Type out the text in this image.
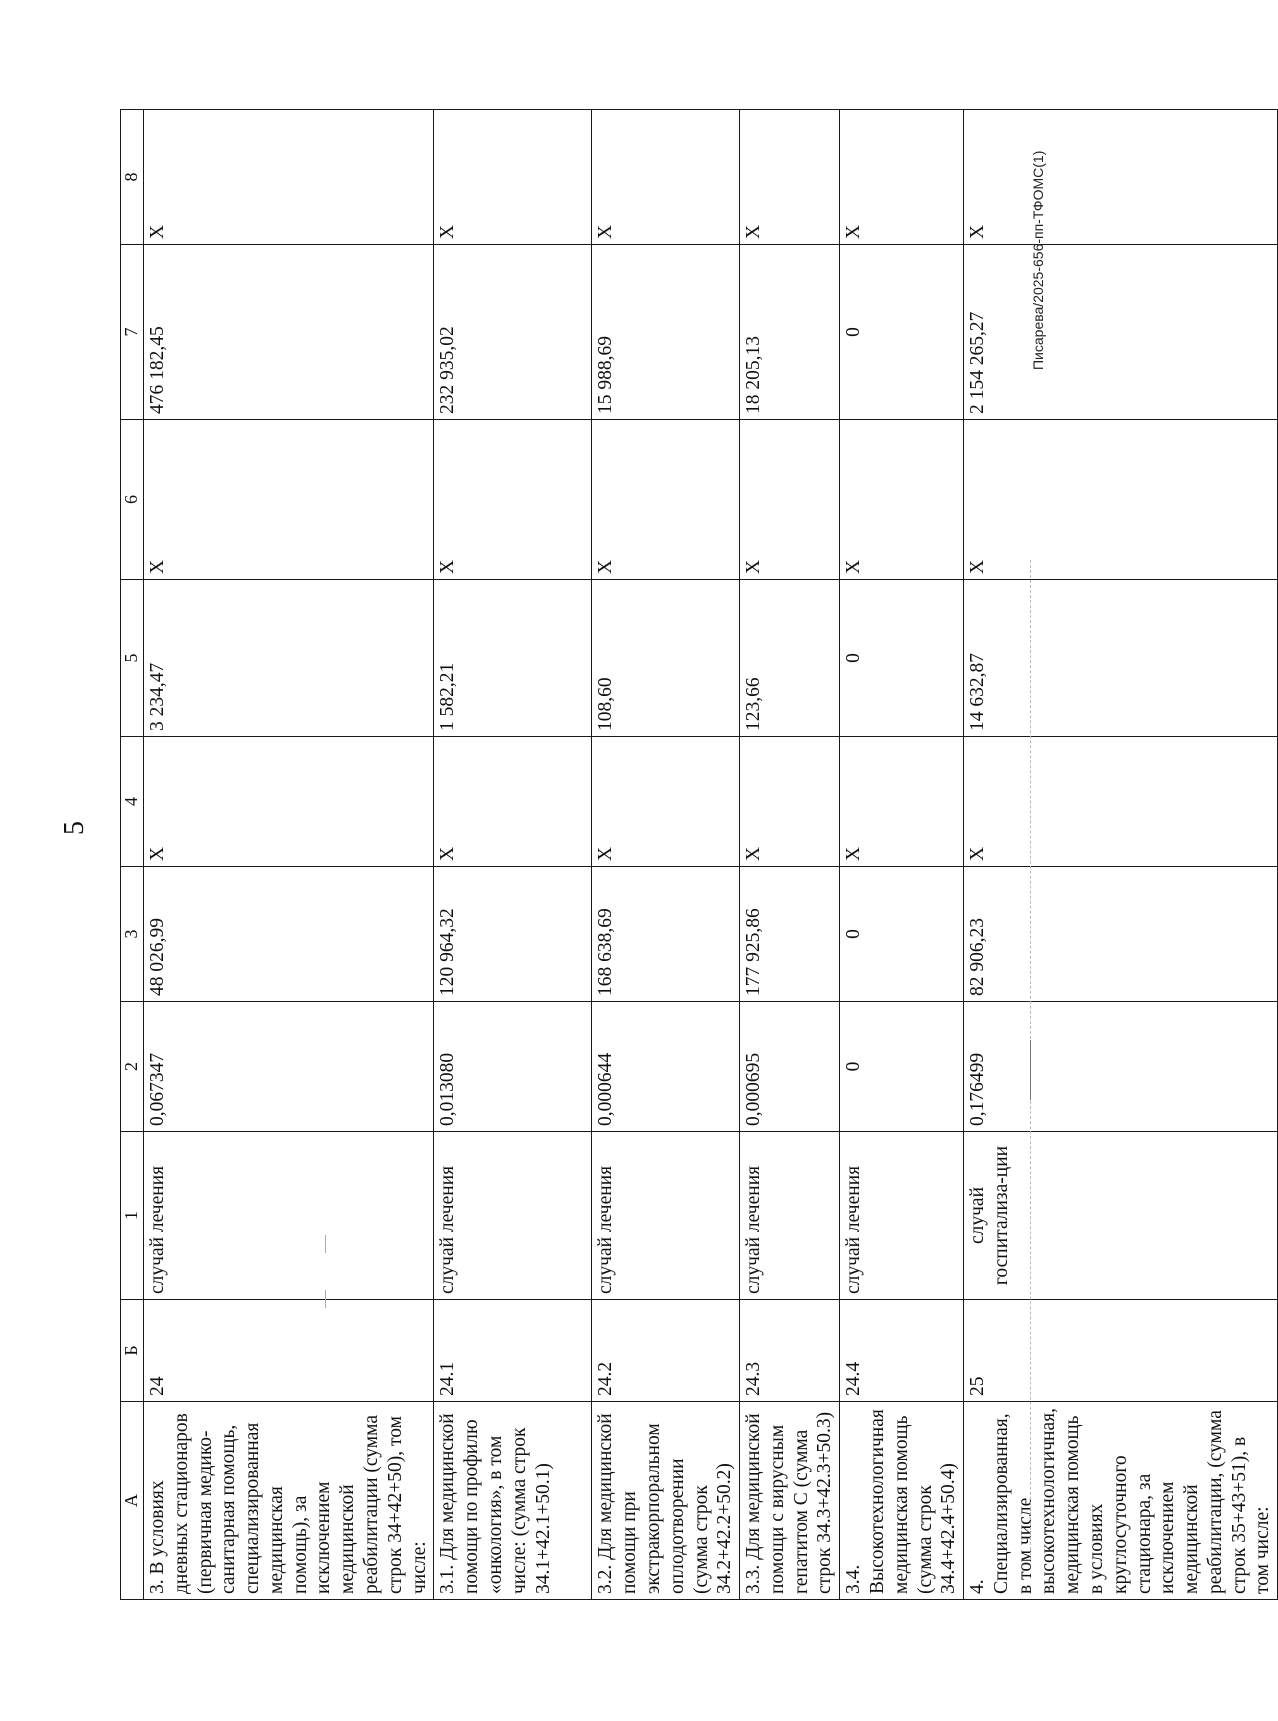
5
А	Б	1	2	3	4	5	6	7	8
3. В условиях дневных стационаров (первичная медико-санитарная помощь, специализированная медицинская помощь), за исключением медицинской реабилитации (сумма строк 34+42+50), том числе:	24	случай лечения	0,067347	48 026,99	Х	3 234,47	Х	476 182,45	Х
3.1. Для медицинской помощи по профилю «онкология», в том числе: (сумма строк 34.1+42.1+50.1)	24.1	случай лечения	0,013080	120 964,32	Х	1 582,21	Х	232 935,02	Х
3.2. Для медицинской помощи при экстракорпоральном оплодотворении (сумма строк 34.2+42.2+50.2)	24.2	случай лечения	0,000644	168 638,69	Х	108,60	Х	15 988,69	Х
3.3. Для медицинской помощи с вирусным гепатитом С (сумма строк 34.3+42.3+50.3)	24.3	случай лечения	0,000695	177 925,86	Х	123,66	Х	18 205,13	Х
3.4. Высокотехнологичная медицинская помощь (сумма строк 34.4+42.4+50.4)	24.4	случай лечения	0	0	Х	0	Х	0	Х
4. Специализированная, в том числе высокотехнологичная, медицинская помощь в условиях круглосуточного стационара, за исключением медицинской реабилитации, (сумма строк 35+43+51), в том числе:	25	случай госпитализа-ции	0,176499	82 906,23	Х	14 632,87	Х	2 154 265,27	Х	Писарева/2025-656-пп-ТФОМС(1)
